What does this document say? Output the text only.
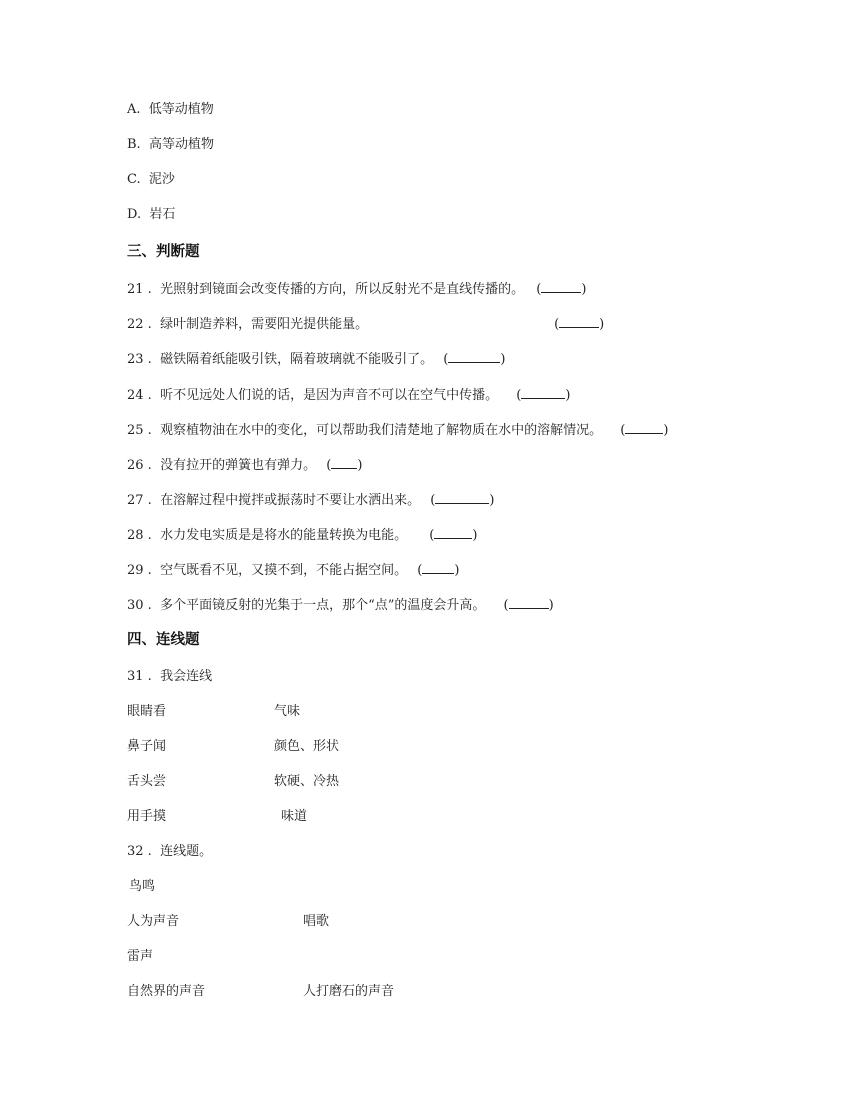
A. 低等动植物
B. 高等动植物
C. 泥沙
D. 岩石
三、判断题
21 .  光照射到镜面会改变传播的方向，所以反射光不是直线传播的。 (	)
22 .  绿叶制造养料，需要阳光提供能量。	(	)
23 .  磁铁隔着纸能吸引铁，隔着玻璃就不能吸引了。 (	)
24 .  听不见远处人们说的话，是因为声音不可以在空气中传播。 (	)
25 .  观察植物油在水中的变化，可以帮助我们清楚地了解物质在水中的溶解情况。 (	)
26 .  没有拉开的弹簧也有弹力。 ( )
27 .  在溶解过程中搅拌或振荡时不要让水洒出来。 (	)
28 .  水力发电实质是是将水的能量转换为电能。 (	)
29 .  空气既看不见，又摸不到，不能占据空间。 ( )
30 .  多个平面镜反射的光集于一点，那个“点”的温度会升高。 (	)
四、连线题
31 .  我会连线
眼睛看	气味
鼻子闻	颜色、形状
舌头尝	软硬、冷热
用手摸	味道
32 .  连线题。
鸟鸣
人为声音	唱歌
雷声
自然界的声音	人打磨石的声音
